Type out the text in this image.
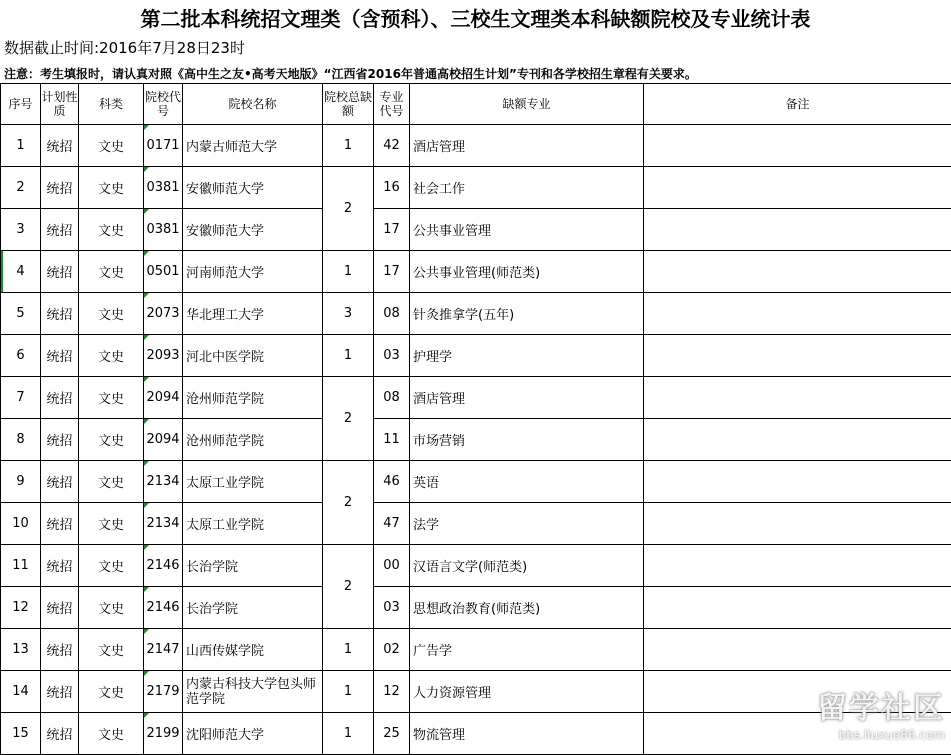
第二批本科统招文理类（含预科）、三校生文理类本科缺额院校及专业统计表
数据截止时间:2016年7月28日23时
注意：考生填报时，请认真对照《高中生之友•高考天地版》“江西省2016年普通高校招生计划”专刊和各学校招生章程有关要求。
序号	计划性质	科类	院校代号	院校名称	院校总缺额	专业代号	缺额专业	备注
1	统招	文史	0171	内蒙古师范大学	1	42	酒店管理	
2	统招	文史	0381	安徽师范大学	2	16	社会工作	
3	统招	文史	0381	安徽师范大学		17	公共事业管理	
4	统招	文史	0501	河南师范大学	1	17	公共事业管理(师范类)	
5	统招	文史	2073	华北理工大学	3	08	针灸推拿学(五年)	
6	统招	文史	2093	河北中医学院	1	03	护理学	
7	统招	文史	2094	沧州师范学院	2	08	酒店管理	
8	统招	文史	2094	沧州师范学院		11	市场营销	
9	统招	文史	2134	太原工业学院	2	46	英语	
10	统招	文史	2134	太原工业学院		47	法学	
11	统招	文史	2146	长治学院	2	00	汉语言文学(师范类)	
12	统招	文史	2146	长治学院		03	思想政治教育(师范类)	
13	统招	文史	2147	山西传媒学院	1	02	广告学	
14	统招	文史	2179	内蒙古科技大学包头师范学院	1	12	人力资源管理	
15	统招	文史	2199	沈阳师范大学	1	25	物流管理	
留学社区
bbs.liuxue86.com
